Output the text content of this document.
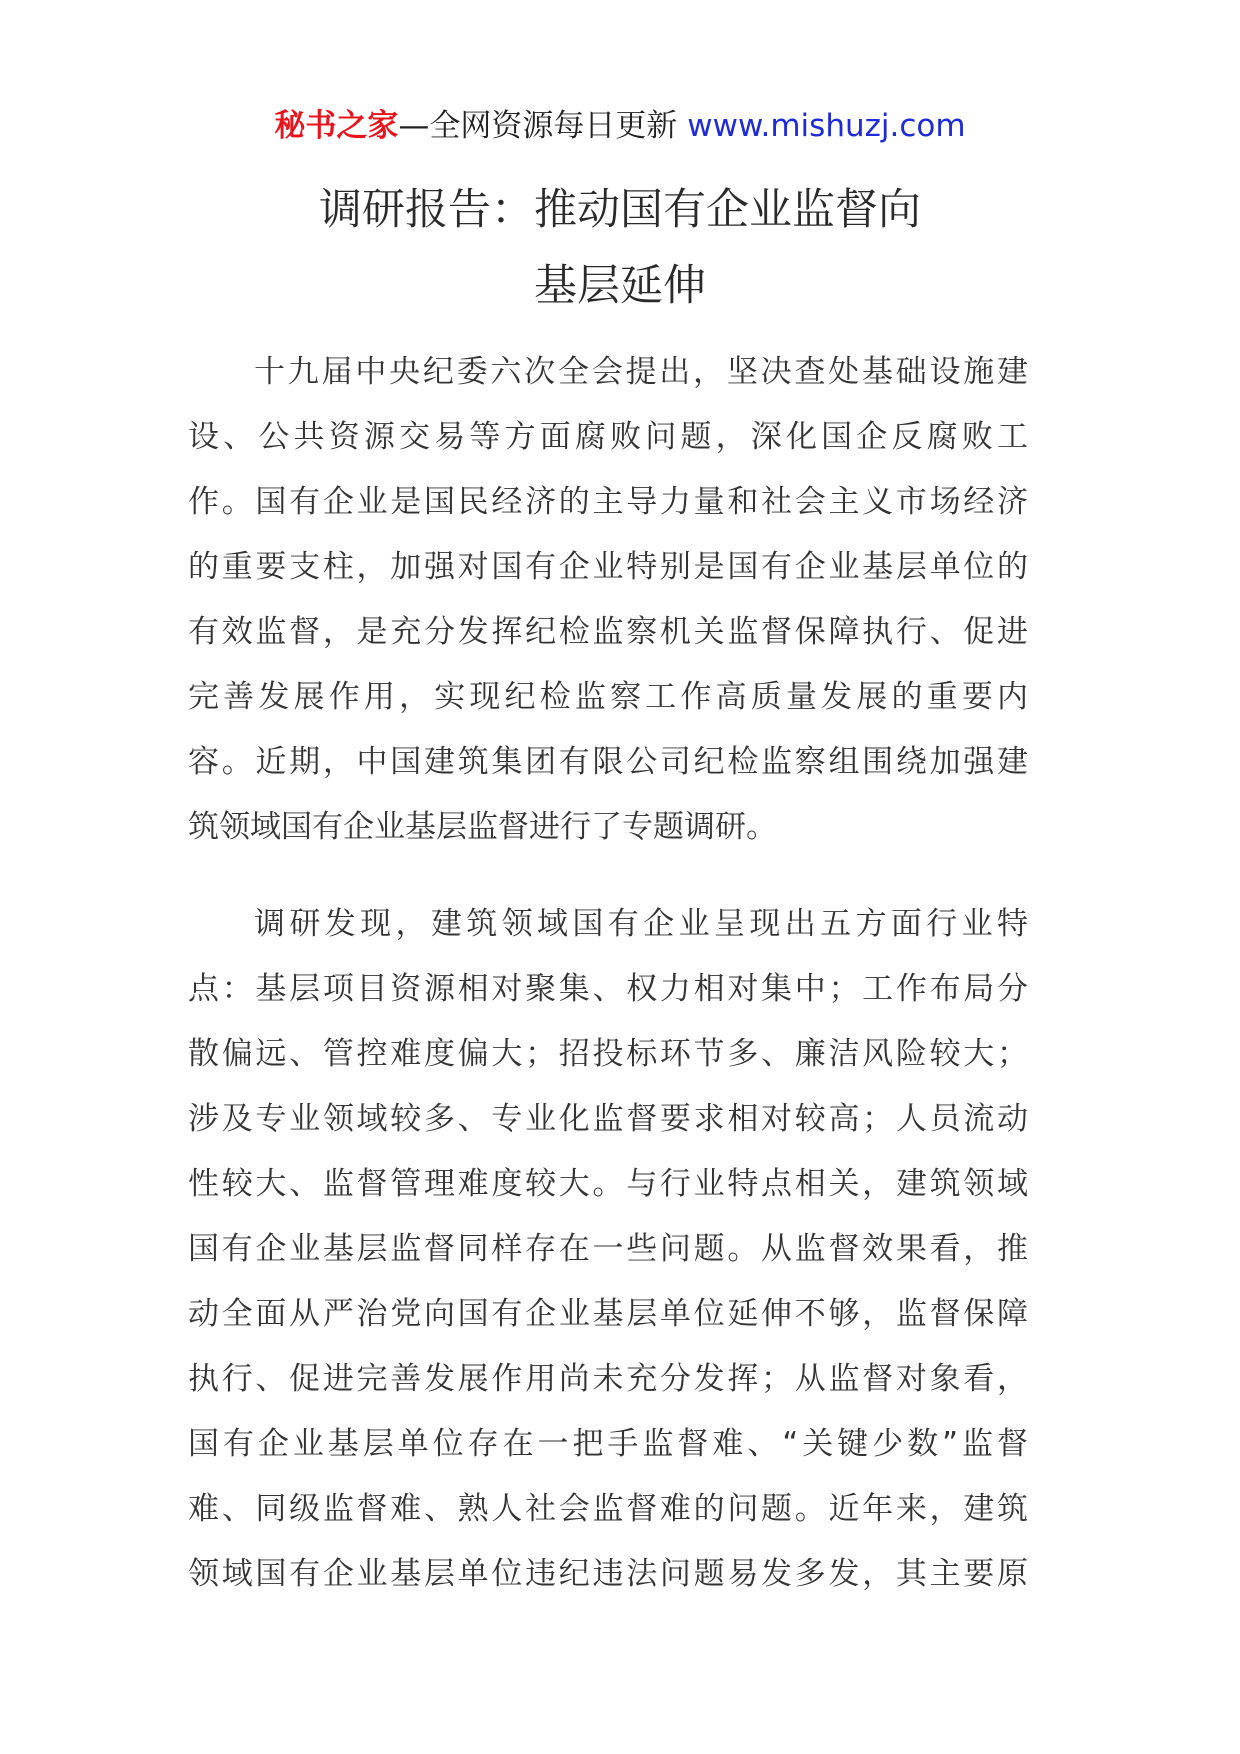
秘书之家—全网资源每日更新 www.mishuzj.com
调研报告：推动国有企业监督向
基层延伸

十九届中央纪委六次全会提出，坚决查处基础设施建
设、公共资源交易等方面腐败问题，深化国企反腐败工
作。国有企业是国民经济的主导力量和社会主义市场经济
的重要支柱，加强对国有企业特别是国有企业基层单位的
有效监督，是充分发挥纪检监察机关监督保障执行、促进
完善发展作用，实现纪检监察工作高质量发展的重要内
容。近期，中国建筑集团有限公司纪检监察组围绕加强建
筑领域国有企业基层监督进行了专题调研。

调研发现，建筑领域国有企业呈现出五方面行业特
点：基层项目资源相对聚集、权力相对集中；工作布局分
散偏远、管控难度偏大；招投标环节多、廉洁风险较大；
涉及专业领域较多、专业化监督要求相对较高；人员流动
性较大、监督管理难度较大。与行业特点相关，建筑领域
国有企业基层监督同样存在一些问题。从监督效果看，推
动全面从严治党向国有企业基层单位延伸不够，监督保障
执行、促进完善发展作用尚未充分发挥；从监督对象看，
国有企业基层单位存在一把手监督难、“关键少数”监督
难、同级监督难、熟人社会监督难的问题。近年来，建筑
领域国有企业基层单位违纪违法问题易发多发，其主要原
